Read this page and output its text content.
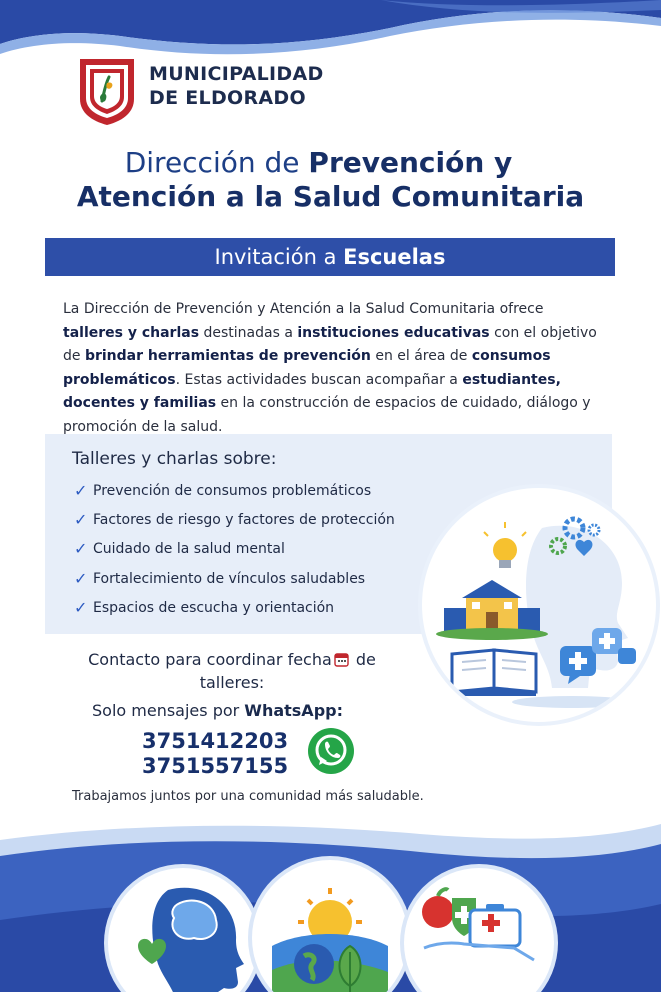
MUNICIPALIDAD
DE ELDORADO
Dirección de Prevención y
Atención a la Salud Comunitaria
Invitación a Escuelas

La Dirección de Prevención y Atención a la Salud Comunitaria ofrece talleres y charlas destinadas a instituciones educativas con el objetivo de brindar herramientas de prevención en el área de consumos problemáticos. Estas actividades buscan acompañar a estudiantes, docentes y familias en la construcción de espacios de cuidado, diálogo y promoción de la salud.

Talleres y charlas sobre:
✓ Prevención de consumos problemáticos
✓ Factores de riesgo y factores de protección
✓ Cuidado de la salud mental
✓ Fortalecimiento de vínculos saludables
✓ Espacios de escucha y orientación
Contacto para coordinar fecha de talleres:
Solo mensajes por WhatsApp:
3751412203
3751557155
Trabajamos juntos por una comunidad más saludable.
